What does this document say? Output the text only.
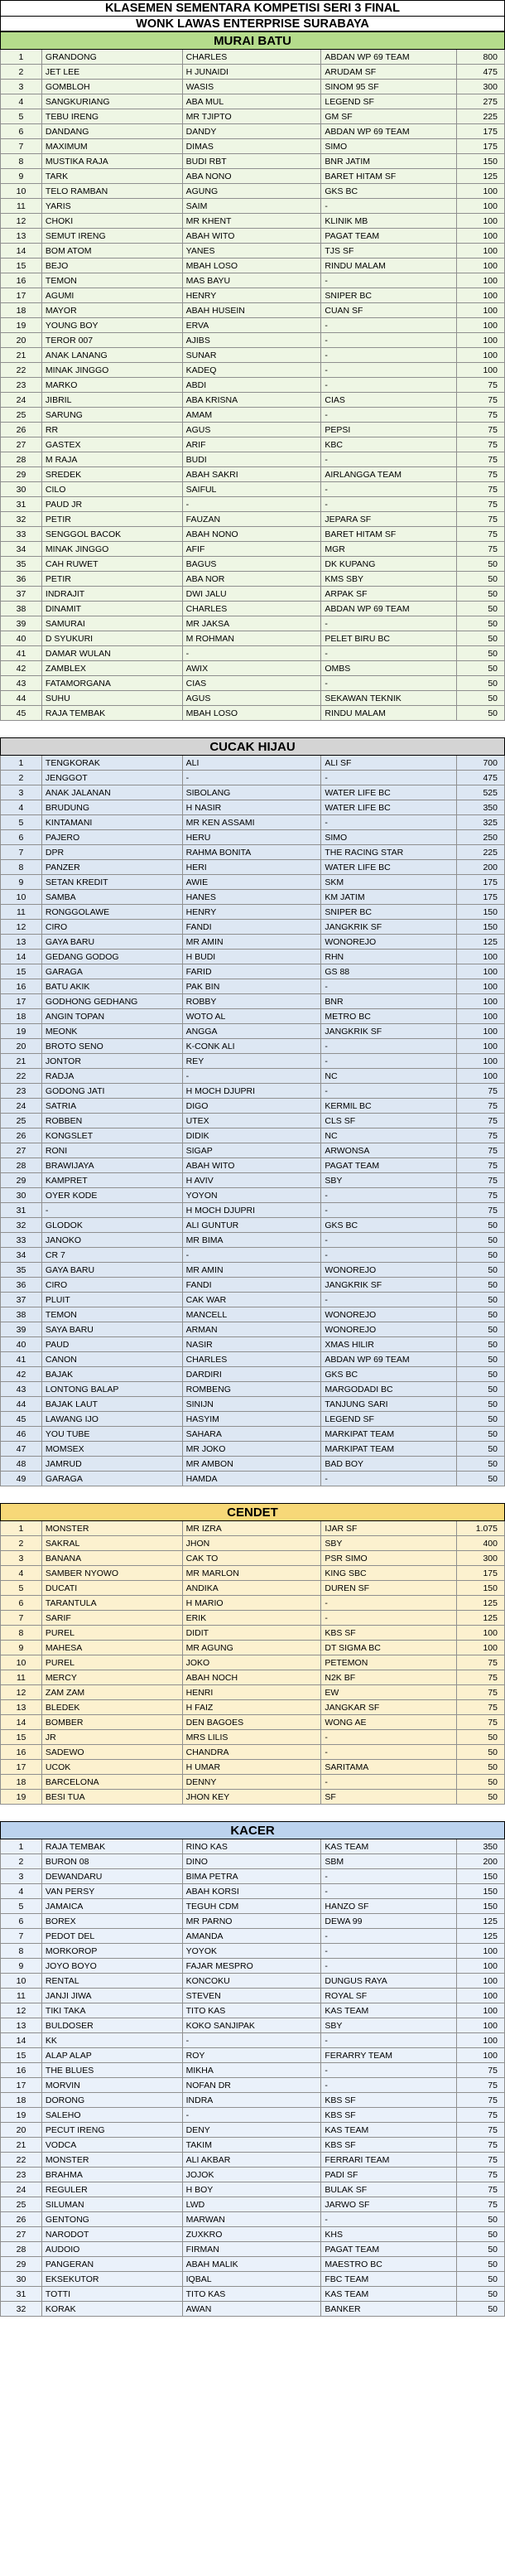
KLASEMEN SEMENTARA KOMPETISI SERI 3 FINAL
WONK LAWAS ENTERPRISE SURABAYA
MURAI BATU
1	GRANDONG	CHARLES	ABDAN WP 69 TEAM	800
2	JET LEE	H JUNAIDI	ARUDAM SF	475
3	GOMBLOH	WASIS	SINOM 95 SF	300
4	SANGKURIANG	ABA MUL	LEGEND SF	275
5	TEBU IRENG	MR TJIPTO	GM SF	225
6	DANDANG	DANDY	ABDAN WP 69 TEAM	175
7	MAXIMUM	DIMAS	SIMO	175
8	MUSTIKA RAJA	BUDI RBT	BNR JATIM	150
9	TARK	ABA NONO	BARET HITAM SF	125
10	TELO RAMBAN	AGUNG	GKS BC	100
11	YARIS	SAIM	-	100
12	CHOKI	MR KHENT	KLINIK MB	100
13	SEMUT IRENG	ABAH WITO	PAGAT TEAM	100
14	BOM ATOM	YANES	TJS SF	100
15	BEJO	MBAH LOSO	RINDU MALAM	100
16	TEMON	MAS BAYU	-	100
17	AGUMI	HENRY	SNIPER BC	100
18	MAYOR	ABAH HUSEIN	CUAN SF	100
19	YOUNG BOY	ERVA	-	100
20	TEROR 007	AJIBS	-	100
21	ANAK LANANG	SUNAR	-	100
22	MINAK JINGGO	KADEQ	-	100
23	MARKO	ABDI	-	75
24	JIBRIL	ABA KRISNA	CIAS	75
25	SARUNG	AMAM	-	75
26	RR	AGUS	PEPSI	75
27	GASTEX	ARIF	KBC	75
28	M RAJA	BUDI	-	75
29	SREDEK	ABAH SAKRI	AIRLANGGA TEAM	75
30	CILO	SAIFUL	-	75
31	PAUD JR	-	-	75
32	PETIR	FAUZAN	JEPARA SF	75
33	SENGGOL BACOK	ABAH NONO	BARET HITAM SF	75
34	MINAK JINGGO	AFIF	MGR	75
35	CAH RUWET	BAGUS	DK KUPANG	50
36	PETIR	ABA NOR	KMS SBY	50
37	INDRAJIT	DWI JALU	ARPAK SF	50
38	DINAMIT	CHARLES	ABDAN WP 69 TEAM	50
39	SAMURAI	MR JAKSA	-	50
40	D SYUKURI	M ROHMAN	PELET BIRU BC	50
41	DAMAR WULAN	-	-	50
42	ZAMBLEX	AWIX	OMBS	50
43	FATAMORGANA	CIAS	-	50
44	SUHU	AGUS	SEKAWAN TEKNIK	50
45	RAJA TEMBAK	MBAH LOSO	RINDU MALAM	50
CUCAK HIJAU
1	TENGKORAK	ALI	ALI SF	700
2	JENGGOT	-	-	475
3	ANAK JALANAN	SIBOLANG	WATER LIFE BC	525
4	BRUDUNG	H NASIR	WATER LIFE BC	350
5	KINTAMANI	MR KEN ASSAMI	-	325
6	PAJERO	HERU	SIMO	250
7	DPR	RAHMA BONITA	THE RACING STAR	225
8	PANZER	HERI	WATER LIFE BC	200
9	SETAN KREDIT	AWIE	SKM	175
10	SAMBA	HANES	KM JATIM	175
11	RONGGOLAWE	HENRY	SNIPER BC	150
12	CIRO	FANDI	JANGKRIK SF	150
13	GAYA BARU	MR AMIN	WONOREJO	125
14	GEDANG GODOG	H BUDI	RHN	100
15	GARAGA	FARID	GS 88	100
16	BATU AKIK	PAK BIN	-	100
17	GODHONG GEDHANG	ROBBY	BNR	100
18	ANGIN TOPAN	WOTO AL	METRO BC	100
19	MEONK	ANGGA	JANGKRIK SF	100
20	BROTO SENO	K-CONK ALI	-	100
21	JONTOR	REY	-	100
22	RADJA	-	NC	100
23	GODONG JATI	H MOCH DJUPRI	-	75
24	SATRIA	DIGO	KERMIL BC	75
25	ROBBEN	UTEX	CLS SF	75
26	KONGSLET	DIDIK	NC	75
27	RONI	SIGAP	ARWONSA	75
28	BRAWIJAYA	ABAH WITO	PAGAT TEAM	75
29	KAMPRET	H AVIV	SBY	75
30	OYER KODE	YOYON	-	75
31	-	H MOCH DJUPRI	-	75
32	GLODOK	ALI GUNTUR	GKS BC	50
33	JANOKO	MR BIMA	-	50
34	CR 7	-	-	50
35	GAYA BARU	MR AMIN	WONOREJO	50
36	CIRO	FANDI	JANGKRIK SF	50
37	PLUIT	CAK WAR	-	50
38	TEMON	MANCELL	WONOREJO	50
39	SAYA BARU	ARMAN	WONOREJO	50
40	PAUD	NASIR	XMAS HILIR	50
41	CANON	CHARLES	ABDAN WP 69 TEAM	50
42	BAJAK	DARDIRI	GKS BC	50
43	LONTONG BALAP	ROMBENG	MARGODADI BC	50
44	BAJAK LAUT	SINIJN	TANJUNG SARI	50
45	LAWANG IJO	HASYIM	LEGEND SF	50
46	YOU TUBE	SAHARA	MARKIPAT TEAM	50
47	MOMSEX	MR JOKO	MARKIPAT TEAM	50
48	JAMRUD	MR AMBON	BAD BOY	50
49	GARAGA	HAMDA	-	50
CENDET
1	MONSTER	MR IZRA	IJAR SF	1.075
2	SAKRAL	JHON	SBY	400
3	BANANA	CAK TO	PSR SIMO	300
4	SAMBER NYOWO	MR MARLON	KING SBC	175
5	DUCATI	ANDIKA	DUREN SF	150
6	TARANTULA	H MARIO	-	125
7	SARIF	ERIK	-	125
8	PUREL	DIDIT	KBS SF	100
9	MAHESA	MR AGUNG	DT SIGMA BC	100
10	PUREL	JOKO	PETEMON	75
11	MERCY	ABAH NOCH	N2K BF	75
12	ZAM ZAM	HENRI	EW	75
13	BLEDEK	H FAIZ	JANGKAR SF	75
14	BOMBER	DEN BAGOES	WONG AE	75
15	JR	MRS LILIS	-	50
16	SADEWO	CHANDRA	-	50
17	UCOK	H UMAR	SARITAMA	50
18	BARCELONA	DENNY	-	50
19	BESI TUA	JHON KEY	SF	50
KACER
1	RAJA TEMBAK	RINO KAS	KAS TEAM	350
2	BURON 08	DINO	SBM	200
3	DEWANDARU	BIMA PETRA	-	150
4	VAN PERSY	ABAH KORSI	-	150
5	JAMAICA	TEGUH CDM	HANZO SF	150
6	BOREX	MR PARNO	DEWA 99	125
7	PEDOT DEL	AMANDA	-	125
8	MORKOROP	YOYOK	-	100
9	JOYO BOYO	FAJAR MESPRO	-	100
10	RENTAL	KONCOKU	DUNGUS RAYA	100
11	JANJI JIWA	STEVEN	ROYAL SF	100
12	TIKI TAKA	TITO KAS	KAS TEAM	100
13	BULDOSER	KOKO SANJIPAK	SBY	100
14	KK	-	-	100
15	ALAP ALAP	ROY	FERARRY TEAM	100
16	THE BLUES	MIKHA	-	75
17	MORVIN	NOFAN DR	-	75
18	DORONG	INDRA	KBS SF	75
19	SALEHO	-	KBS SF	75
20	PECUT IRENG	DENY	KAS TEAM	75
21	VODCA	TAKIM	KBS SF	75
22	MONSTER	ALI AKBAR	FERRARI TEAM	75
23	BRAHMA	JOJOK	PADI SF	75
24	REGULER	H BOY	BULAK SF	75
25	SILUMAN	LWD	JARWO SF	75
26	GENTONG	MARWAN	-	50
27	NARODOT	ZUXKRO	KHS	50
28	AUDOIO	FIRMAN	PAGAT TEAM	50
29	PANGERAN	ABAH MALIK	MAESTRO BC	50
30	EKSEKUTOR	IQBAL	FBC TEAM	50
31	TOTTI	TITO KAS	KAS TEAM	50
32	KORAK	AWAN	BANKER	50
